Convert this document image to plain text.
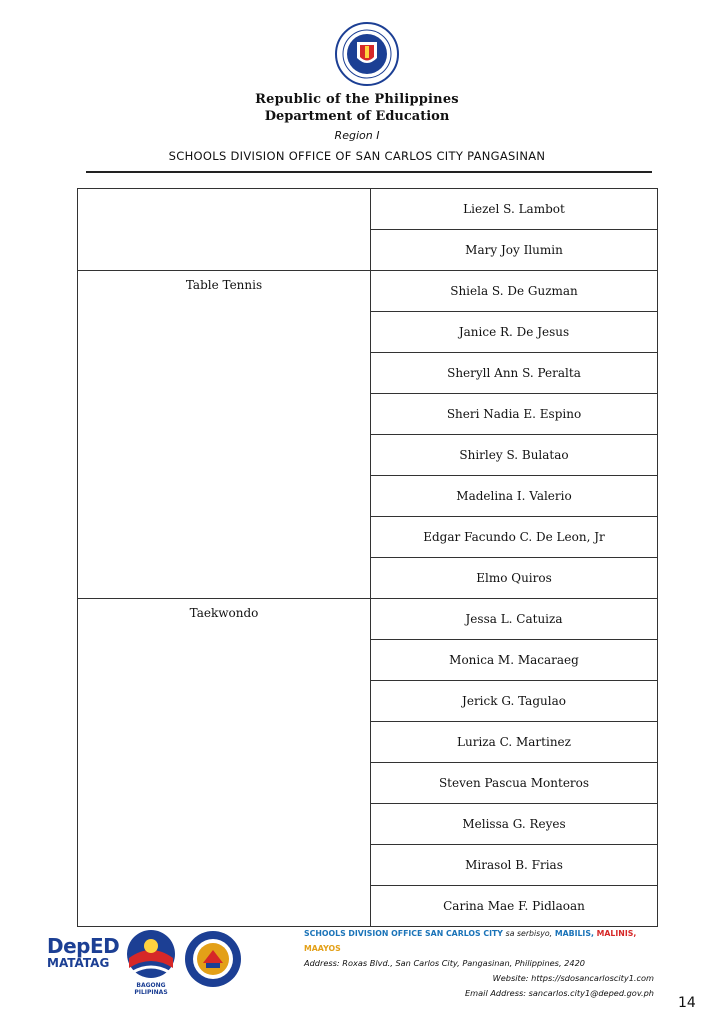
Republic of the Philippines
Department of Education
Region I
SCHOOLS DIVISION OFFICE OF SAN CARLOS CITY PANGASINAN
	Liezel S. Lambot
	Mary Joy Ilumin
Table Tennis	Shiela S. De Guzman
	Janice R. De Jesus
	Sheryll Ann S. Peralta
	Sheri Nadia E. Espino
	Shirley S. Bulatao
	Madelina I. Valerio
	Edgar Facundo C. De Leon, Jr
	Elmo Quiros
Taekwondo	Jessa L. Catuiza
	Monica M. Macaraeg
	Jerick G. Tagulao
	Luriza C. Martinez
	Steven Pascua Monteros
	Melissa G. Reyes
	Mirasol B. Frias
	Carina Mae F. Pidlaoan
DepED
MATATAG
BAGONG PILIPINAS
SCHOOLS DIVISION OFFICE SAN CARLOS CITY sa serbisyo, MABILIS, MALINIS, MAAYOS
Address: Roxas Blvd., San Carlos City, Pangasinan, Philippines, 2420
Website: https://sdosancarloscity1.com
Email Address: sancarlos.city1@deped.gov.ph
14
